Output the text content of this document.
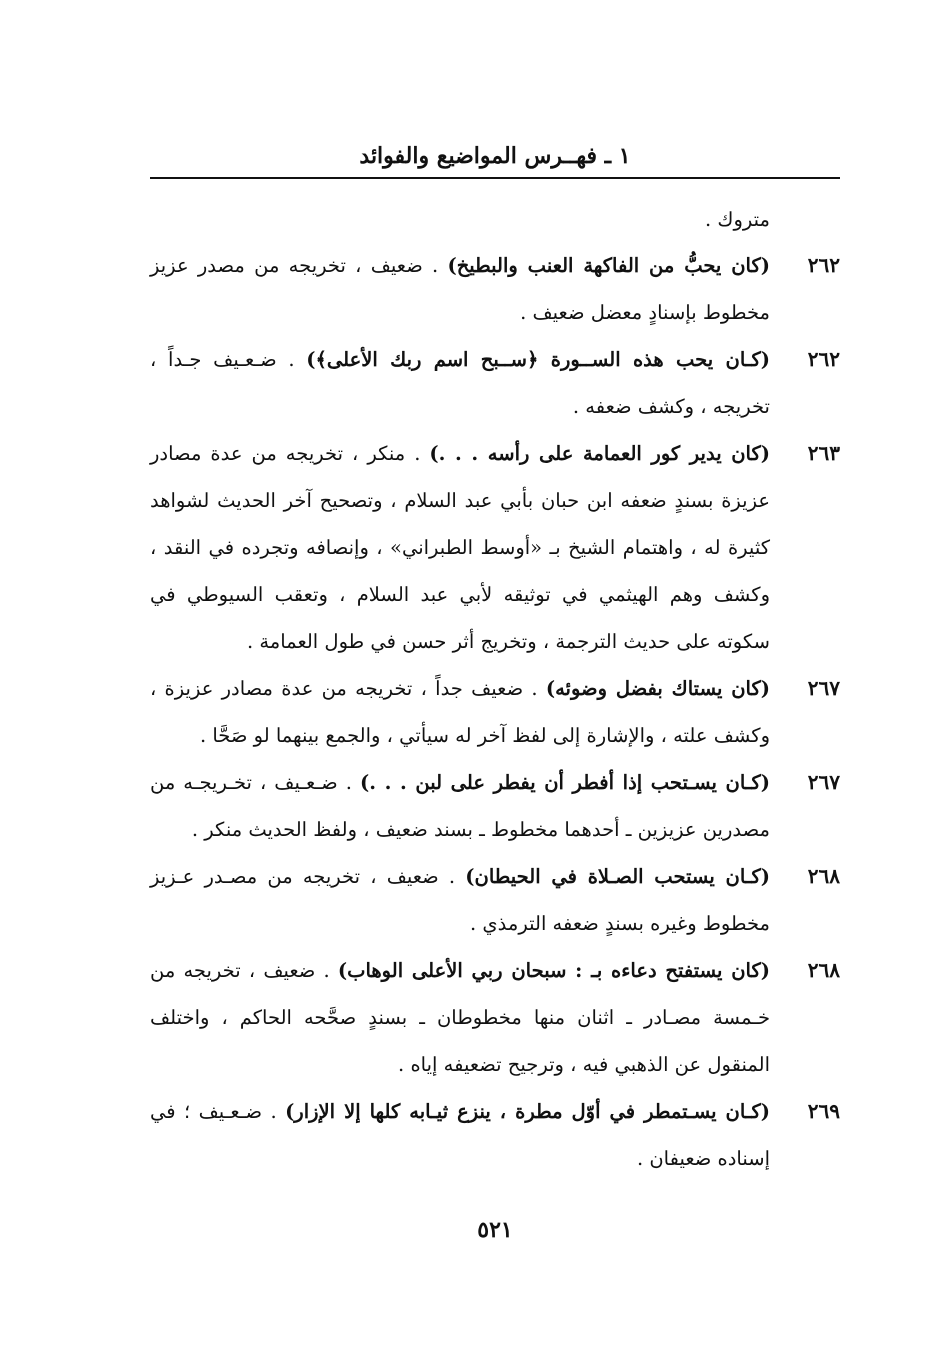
١ ـ فهــرس المواضيع والفوائد

متروك .

٢٦٢
(كان يحبُّ من الفاكهة العنب والبطيخ) . ضعيف ، تخريجه من مصدر عزيز مخطوط بإسنادٍ معضل ضعيف .
٢٦٢
(كـان يحب هذه الســورة ﴿ســبح اسم ربك الأعلى﴾) . ضـعـيف جـداً ، تخريجه ، وكشف ضعفه .
٢٦٣
(كان يدير كور العمامة على رأسه . . .) . منكر ، تخريجه من عدة مصادر عزيزة بسندٍ ضعفه ابن حبان بأبي عبد السلام ، وتصحيح آخر الحديث لشواهد كثيرة له ، واهتمام الشيخ بـ «أوسط الطبراني» ، وإنصافه وتجرده في النقد ، وكشف وهم الهيثمي في توثيقه لأبي عبد السلام ، وتعقب السيوطي في سكوته على حديث الترجمة ، وتخريج أثر حسن في طول العمامة .
٢٦٧
(كان يستاك بفضل وضوئه) . ضعيف جداً ، تخريجه من عدة مصادر عزيزة ، وكشف علته ، والإشارة إلى لفظ آخر له سيأتي ، والجمع بينهما لو صَحَّا .
٢٦٧
(كـان يسـتحب إذا أفطر أن يفطر على لبن . . .) . ضـعـيف ، تخـريجـه من مصدرين عزيزين ـ أحدهما مخطوط ـ بسند ضعيف ، ولفظ الحديث منكر .
٢٦٨
(كـان يستحب الصـلاة في الحيطان) . ضعيف ، تخريجه من مصـدر عـزيز مخطوط وغيره بسندٍ ضعفه الترمذي .
٢٦٨
(كان يستفتح دعاءه بـ : سبحان ربي الأعلى الوهاب) . ضعيف ، تخريجه من خـمسة مصـادر ـ اثنان منها مخطوطان ـ بسندٍ صحَّحه الحاكم ، واختلف المنقول عن الذهبي فيه ، وترجيح تضعيفه إياه .
٢٦٩
(كـان يسـتمطر في أوّل مطرة ، ينزع ثيـابه كلها إلا الإزار) . ضـعـيف ؛ في إسناده ضعيفان .
٥٢١
